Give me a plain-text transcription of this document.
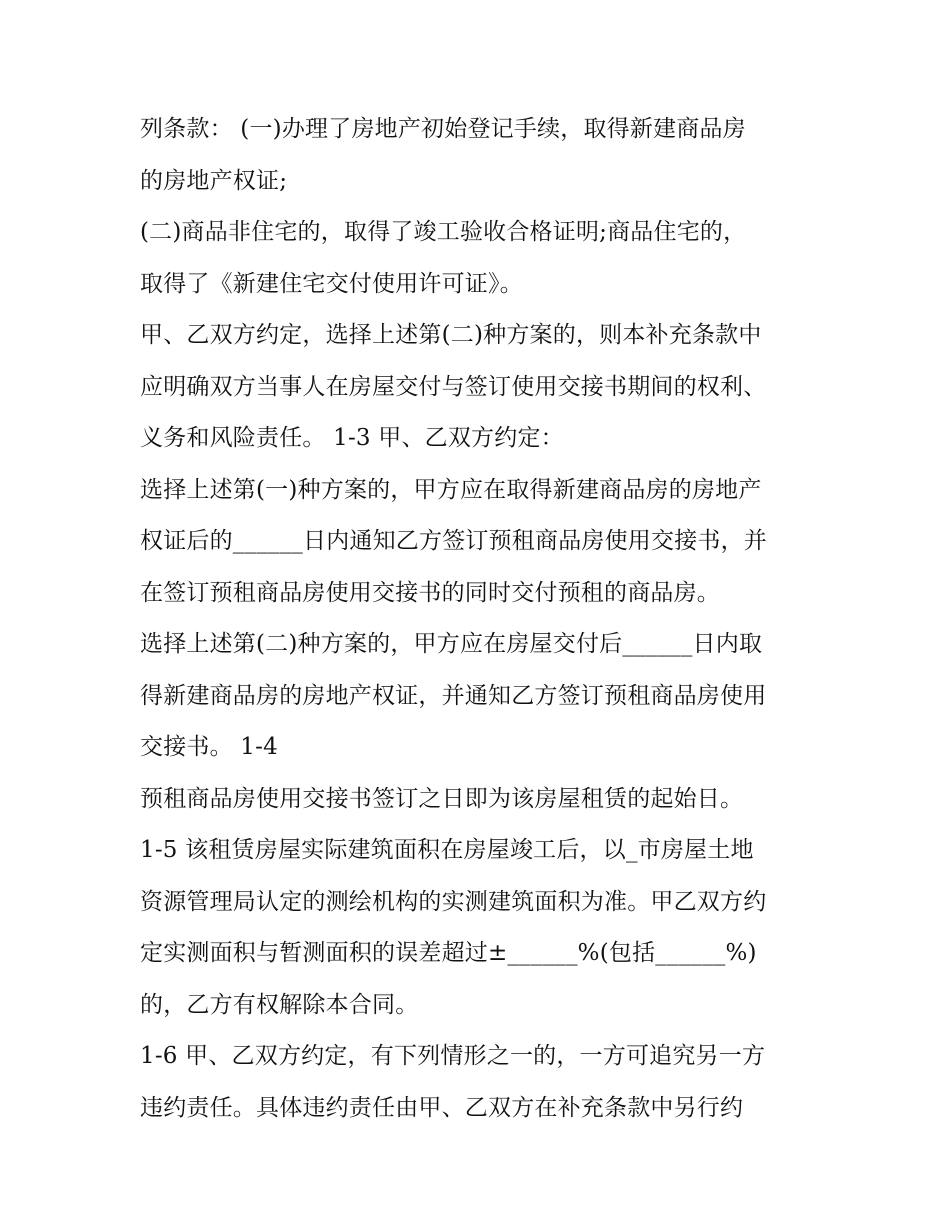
列条款： (一)办理了房地产初始登记手续，取得新建商品房
的房地产权证;
(二)商品非住宅的，取得了竣工验收合格证明;商品住宅的，
取得了《新建住宅交付使用许可证》。
甲、乙双方约定，选择上述第(二)种方案的，则本补充条款中
应明确双方当事人在房屋交付与签订使用交接书期间的权利、
义务和风险责任。 1-3 甲、乙双方约定：
选择上述第(一)种方案的，甲方应在取得新建商品房的房地产
权证后的______日内通知乙方签订预租商品房使用交接书，并
在签订预租商品房使用交接书的同时交付预租的商品房。
选择上述第(二)种方案的，甲方应在房屋交付后______日内取
得新建商品房的房地产权证，并通知乙方签订预租商品房使用
交接书。 1-4
预租商品房使用交接书签订之日即为该房屋租赁的起始日。
1-5 该租赁房屋实际建筑面积在房屋竣工后，以_市房屋土地
资源管理局认定的测绘机构的实测建筑面积为准。甲乙双方约
定实测面积与暂测面积的误差超过±______%(包括______%)
的，乙方有权解除本合同。
1-6 甲、乙双方约定，有下列情形之一的，一方可追究另一方
违约责任。具体违约责任由甲、乙双方在补充条款中另行约
